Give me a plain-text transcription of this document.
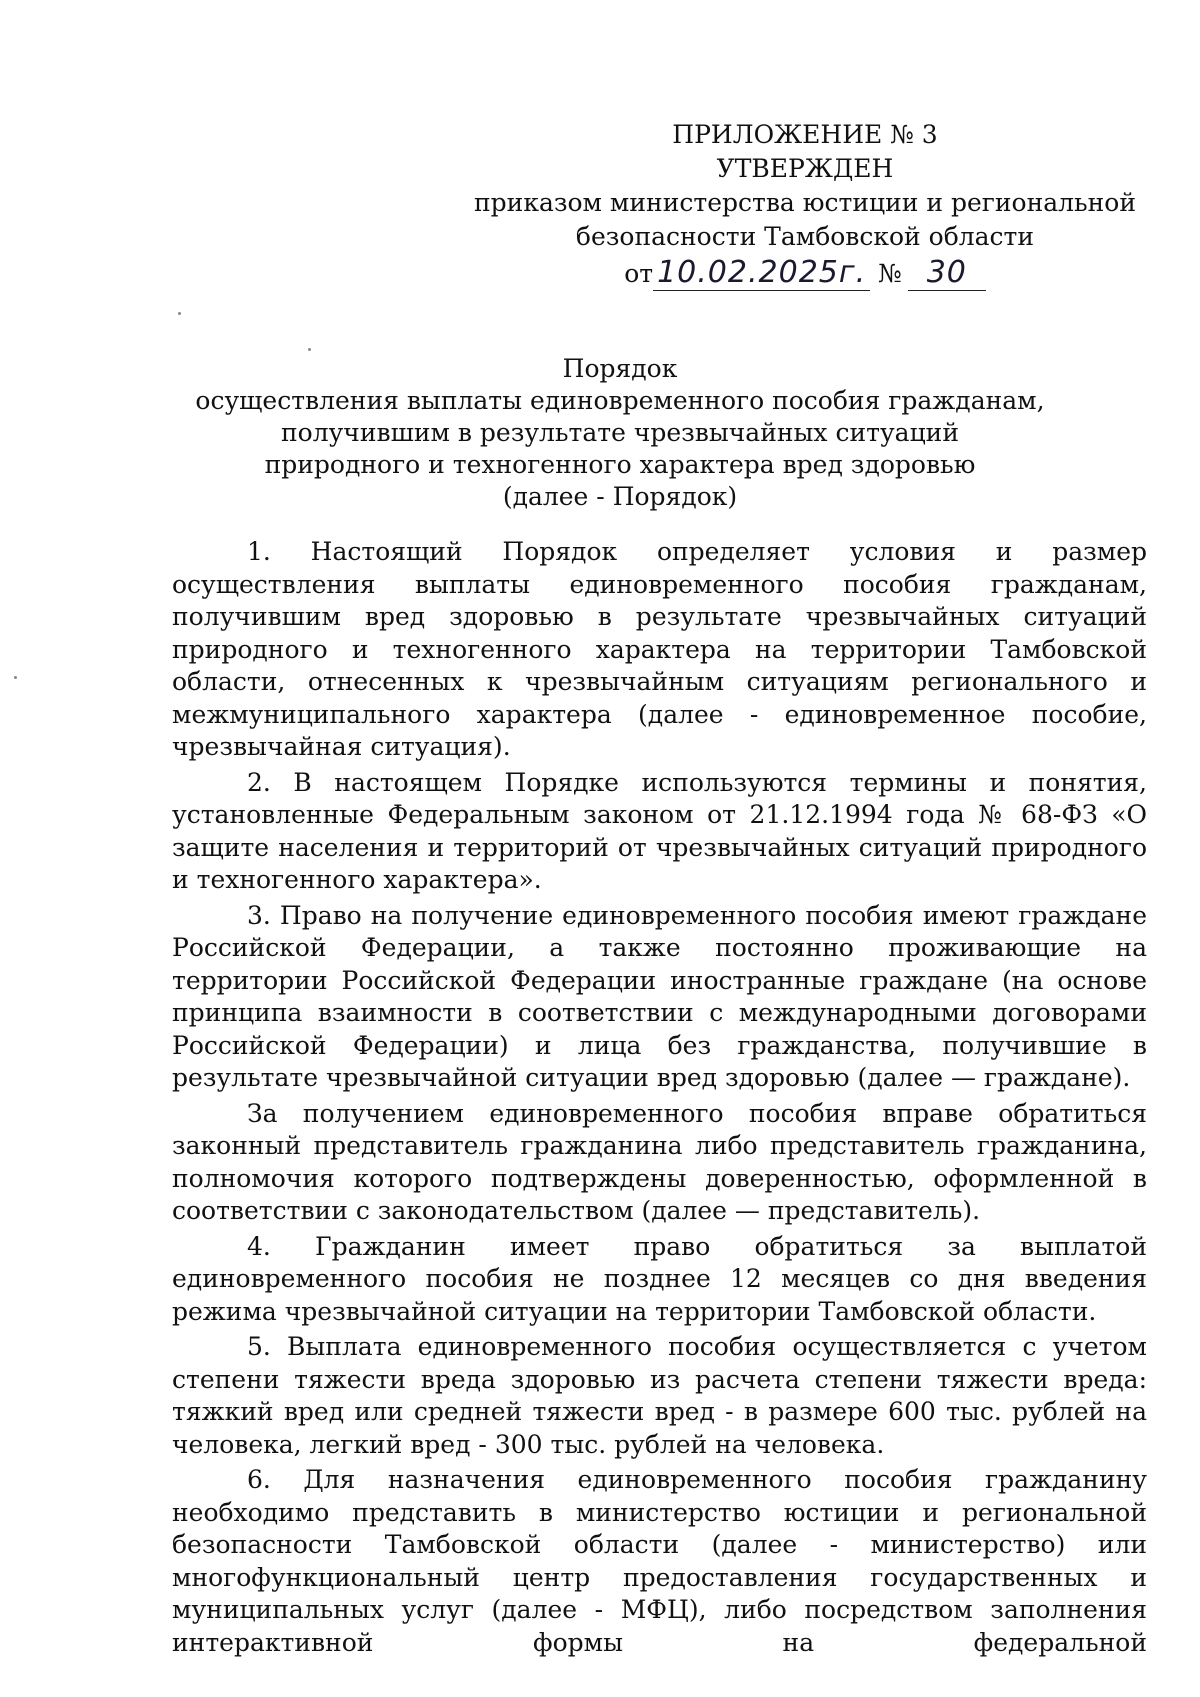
ПРИЛОЖЕНИЕ № 3
УТВЕРЖДЕН
приказом министерства юстиции и региональной
безопасности Тамбовской области
от 10.02.2025г. № 30
Порядок
осуществления выплаты единовременного пособия гражданам,
получившим в результате чрезвычайных ситуаций
природного и техногенного характера вред здоровью
(далее - Порядок)

1. Настоящий Порядок определяет условия и размер осуществления выплаты единовременного пособия гражданам, получившим вред здоровью в результате чрезвычайных ситуаций природного и техногенного характера на территории Тамбовской области, отнесенных к чрезвычайным ситуациям регионального и межмуниципального характера (далее - единовременное пособие, чрезвычайная ситуация).

2. В настоящем Порядке используются термины и понятия, установленные Федеральным законом от 21.12.1994 года № 68-ФЗ «О защите населения и территорий от чрезвычайных ситуаций природного и техногенного характера».

3. Право на получение единовременного пособия имеют граждане Российской Федерации, а также постоянно проживающие на территории Российской Федерации иностранные граждане (на основе принципа взаимности в соответствии с международными договорами Российской Федерации) и лица без гражданства, получившие в результате чрезвычайной ситуации вред здоровью (далее — граждане).

За получением единовременного пособия вправе обратиться законный представитель гражданина либо представитель гражданина, полномочия которого подтверждены доверенностью, оформленной в соответствии с законодательством (далее — представитель).

4. Гражданин имеет право обратиться за выплатой единовременного пособия не позднее 12 месяцев со дня введения режима чрезвычайной ситуации на территории Тамбовской области.

5. Выплата единовременного пособия осуществляется с учетом степени тяжести вреда здоровью из расчета степени тяжести вреда: тяжкий вред или средней тяжести вред - в размере 600 тыс. рублей на человека, легкий вред - 300 тыс. рублей на человека.

6. Для назначения единовременного пособия гражданину необходимо представить в министерство юстиции и региональной безопасности Тамбовской области (далее - министерство) или многофункциональный центр предоставления государственных и муниципальных услуг (далее - МФЦ), либо посредством заполнения интерактивной формы на федеральной
